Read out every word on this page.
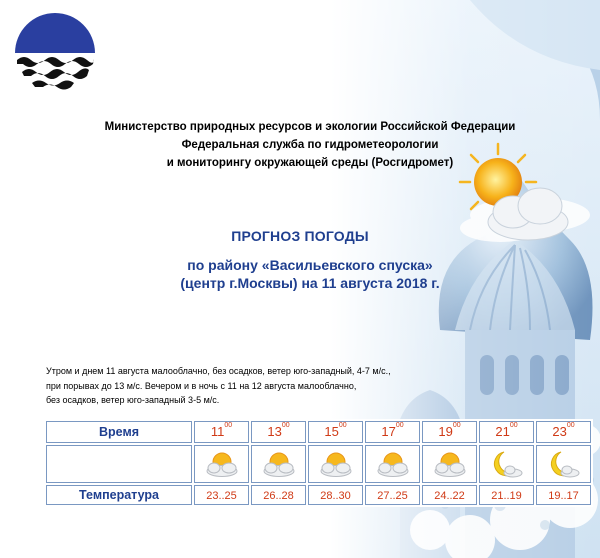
Министерство природных ресурсов и экологии Российской Федерации
Федеральная служба по гидрометеорологии
и мониторингу окружающей среды (Росгидромет)
ПРОГНОЗ ПОГОДЫ
по району «Васильевского спуска»
(центр г.Москвы) на 11 августа 2018 г.
Утром и днем 11 августа малооблачно, без осадков, ветер юго-западный, 4-7 м/с.,
при порывах до 13 м/с. Вечером и в ночь с 11 на 12 августа малооблачно,
без осадков, ветер юго-западный 3-5 м/с.
Время	$11^{00}$	$13^{00}$	$15^{00}$	$17^{00}$	$19^{00}$	$21^{00}$	$23^{00}$

Температура	23..25	26..28	28..30	27..25	24..22	21..19	19..17
